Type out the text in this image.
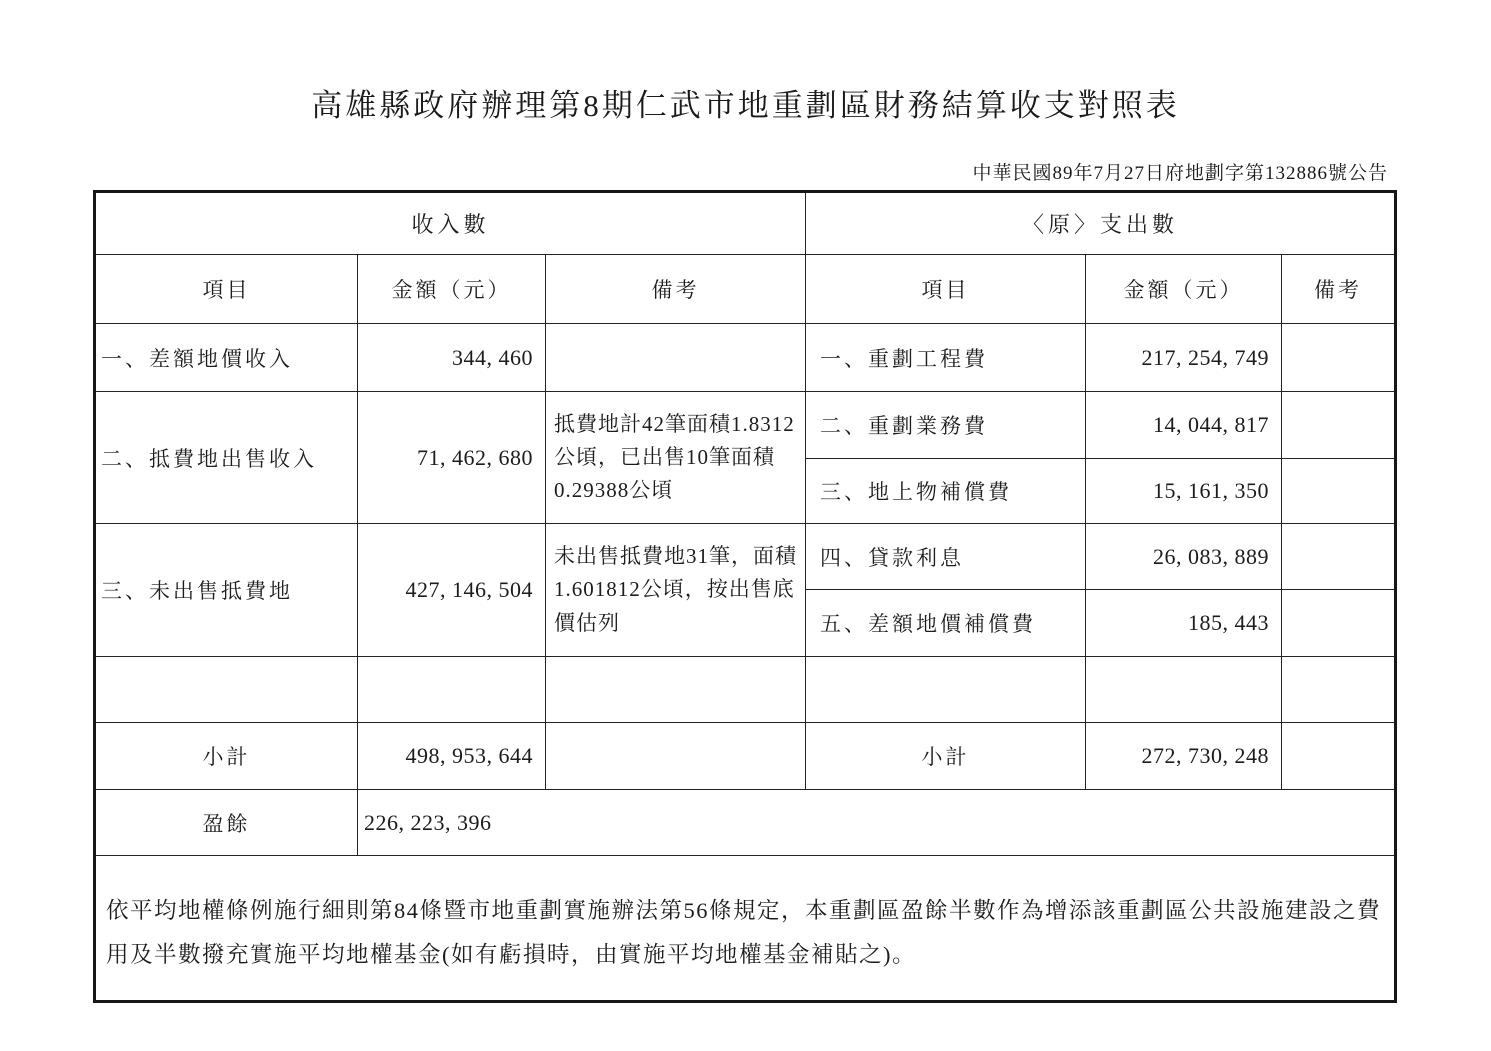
高雄縣政府辦理第8期仁武市地重劃區財務結算收支對照表
中華民國89年7月27日府地劃字第132886號公告
收入數			〈原〉支出數		
項目	金額（元）	備考	項目	金額（元）	備考
一、差額地價收入	344, 460		一、重劃工程費	217, 254, 749	
二、抵費地出售收入	71, 462, 680	抵費地計42筆面積1.8312公頃，已出售10筆面積0.29388公頃	二、重劃業務費	14, 044, 817	
			三、地上物補償費	15, 161, 350	
三、未出售抵費地	427, 146, 504	未出售抵費地31筆，面積1.601812公頃，按出售底價估列	四、貸款利息	26, 083, 889	
			五、差額地價補償費	185, 443	

小計	498, 953, 644		小計	272, 730, 248	
盈餘	226, 223, 396				
依平均地權條例施行細則第84條暨市地重劃實施辦法第56條規定，本重劃區盈餘半數作為增添該重劃區公共設施建設之費用及半數撥充實施平均地權基金(如有虧損時，由實施平均地權基金補貼之)。					
